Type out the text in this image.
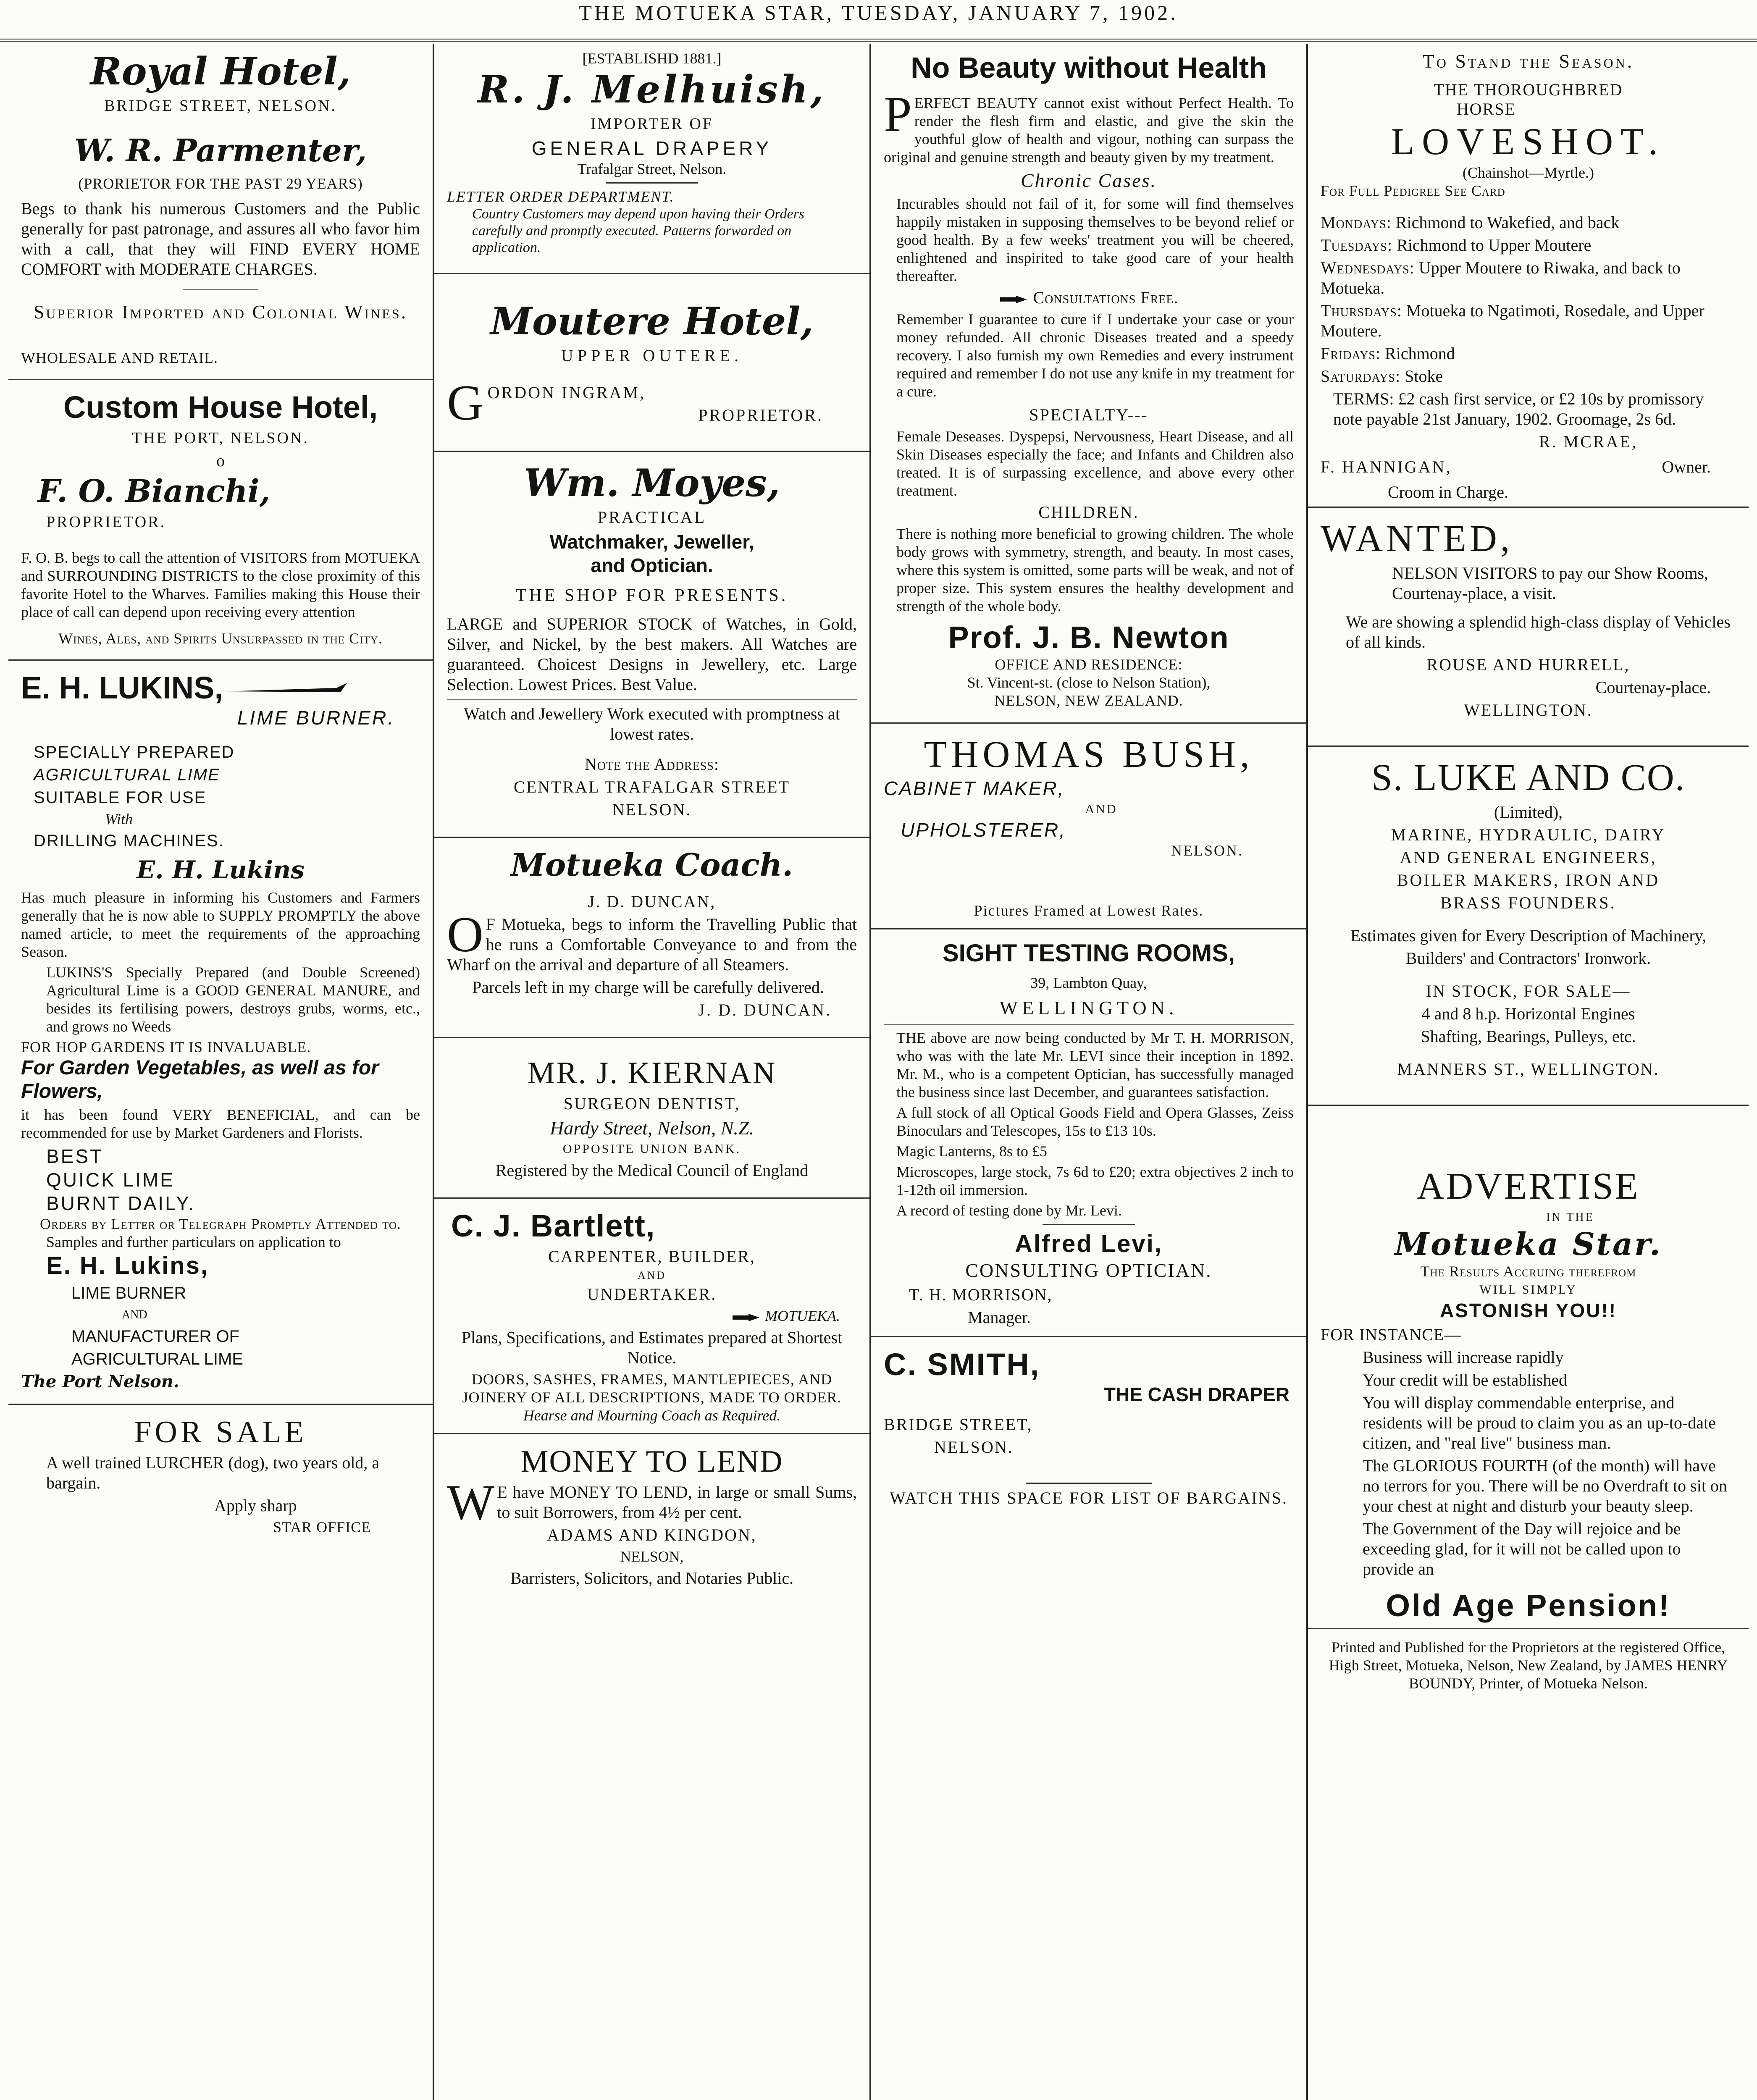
THE MOTUEKA STAR, TUESDAY, JANUARY 7, 1902.
Royal Hotel,
BRIDGE STREET, NELSON.
W. R. Parmenter,
(PRORIETOR FOR THE PAST 29 YEARS)
Begs to thank his numerous Customers and the Public generally for past patronage, and assures all who favor him with a call, that they will FIND EVERY HOME COMFORT with MODERATE CHARGES.
Superior Imported and Colonial Wines.
WHOLESALE AND RETAIL.
Custom House Hotel,
THE PORT, NELSON.
o
F. O. Bianchi,
PROPRIETOR.
F. O. B. begs to call the attention of VISITORS from MOTUEKA and SURROUNDING DISTRICTS to the close proximity of this favorite Hotel to the Wharves. Families making this House their place of call can depend upon receiving every attention
Wines, Ales, and Spirits Unsurpassed in the City.
E. H. LUKINS,
LIME BURNER.
SPECIALLY PREPARED
AGRICULTURAL LIME
SUITABLE FOR USE
With
DRILLING MACHINES.
E. H. Lukins
Has much pleasure in informing his Customers and Farmers generally that he is now able to SUPPLY PROMPTLY the above named article, to meet the requirements of the approaching Season.
LUKINS'S Specially Prepared (and Double Screened) Agricultural Lime is a GOOD GENERAL MANURE, and besides its fertilising powers, destroys grubs, worms, etc., and grows no Weeds
FOR HOP GARDENS IT IS INVALUABLE.
For Garden Vegetables, as well as for Flowers,
it has been found VERY BENEFICIAL, and can be recommended for use by Market Gardeners and Florists.
BEST
QUICK LIME
BURNT DAILY.
Orders by Letter or Telegraph Promptly Attended to.
Samples and further particulars on application to
E. H. Lukins,
LIME BURNER
AND
MANUFACTURER OF
AGRICULTURAL LIME
The Port Nelson.
FOR SALE
A well trained LURCHER (dog), two years old, a bargain.
Apply sharp
STAR OFFICE
[ESTABLISHD 1881.]
R. J. Melhuish,
IMPORTER OF
GENERAL DRAPERY
Trafalgar Street, Nelson.
LETTER ORDER DEPARTMENT.
Country Customers may depend upon having their Orders carefully and promptly executed. Patterns forwarded on application.
Moutere Hotel,
UPPER OUTERE.
GORDON INGRAM,
PROPRIETOR.
Wm. Moyes,
PRACTICAL
Watchmaker, Jeweller,
and Optician.
THE SHOP FOR PRESENTS.
LARGE and SUPERIOR STOCK of Watches, in Gold, Silver, and Nickel, by the best makers. All Watches are guaranteed. Choicest Designs in Jewellery, etc. Large Selection. Lowest Prices. Best Value.
Watch and Jewellery Work executed with promptness at lowest rates.
Note the Address:
CENTRAL TRAFALGAR STREET
NELSON.
Motueka Coach.
J. D. DUNCAN,
OF Motueka, begs to inform the Travelling Public that he runs a Comfortable Conveyance to and from the Wharf on the arrival and departure of all Steamers.
Parcels left in my charge will be carefully delivered.
J. D. DUNCAN.
MR. J. KIERNAN
SURGEON DENTIST,
Hardy Street, Nelson, N.Z.
OPPOSITE UNION BANK.
Registered by the Medical Council of England
C. J. Bartlett,
CARPENTER, BUILDER,
AND
UNDERTAKER.
MOTUEKA.
Plans, Specifications, and Estimates prepared at Shortest Notice.
DOORS, SASHES, FRAMES, MANTLEPIECES, AND JOINERY OF ALL DESCRIPTIONS, MADE TO ORDER.
Hearse and Mourning Coach as Required.
MONEY TO LEND
WE have MONEY TO LEND, in large or small Sums, to suit Borrowers, from 4½ per cent.
ADAMS AND KINGDON,
NELSON,
Barristers, Solicitors, and Notaries Public.
No Beauty without Health
PERFECT BEAUTY cannot exist without Perfect Health. To render the flesh firm and elastic, and give the skin the youthful glow of health and vigour, nothing can surpass the original and genuine strength and beauty given by my treatment.
Chronic Cases.
Incurables should not fail of it, for some will find themselves happily mistaken in supposing themselves to be beyond relief or good health. By a few weeks' treatment you will be cheered, enlightened and inspirited to take good care of your health thereafter.
Consultations Free.
Remember I guarantee to cure if I undertake your case or your money refunded. All chronic Diseases treated and a speedy recovery. I also furnish my own Remedies and every instrument required and remember I do not use any knife in my treatment for a cure.
SPECIALTY---
Female Deseases. Dyspepsi, Nervousness, Heart Disease, and all Skin Diseases especially the face; and Infants and Children also treated. It is of surpassing excellence, and above every other treatment.
CHILDREN.
There is nothing more beneficial to growing children. The whole body grows with symmetry, strength, and beauty. In most cases, where this system is omitted, some parts will be weak, and not of proper size. This system ensures the healthy development and strength of the whole body.
Prof. J. B. Newton
OFFICE AND RESIDENCE:
St. Vincent-st. (close to Nelson Station),
NELSON, NEW ZEALAND.
THOMAS BUSH,
CABINET MAKER,
AND
UPHOLSTERER,
NELSON.
Pictures Framed at Lowest Rates.
SIGHT TESTING ROOMS,
39, Lambton Quay,
WELLINGTON.
THE above are now being conducted by Mr T. H. MORRISON, who was with the late Mr. LEVI since their inception in 1892. Mr. M., who is a competent Optician, has successfully managed the business since last December, and guarantees satisfaction.
A full stock of all Optical Goods Field and Opera Glasses, Zeiss Binoculars and Telescopes, 15s to £13 10s.
Magic Lanterns, 8s to £5
Microscopes, large stock, 7s 6d to £20; extra objectives 2 inch to 1-12th oil immersion.
A record of testing done by Mr. Levi.
Alfred Levi,
CONSULTING OPTICIAN.
T. H. MORRISON,
Manager.
C. SMITH,
THE CASH DRAPER
BRIDGE STREET,
NELSON.
WATCH THIS SPACE FOR LIST OF BARGAINS.
To Stand the Season.
THE THOROUGHBRED
HORSE
LOVESHOT.
(Chainshot—Myrtle.)
For Full Pedigree See Card
Mondays: Richmond to Wakefied, and back
Tuesdays: Richmond to Upper Moutere
Wednesdays: Upper Moutere to Riwaka, and back to Motueka.
Thursdays: Motueka to Ngatimoti, Rosedale, and Upper Moutere.
Fridays: Richmond
Saturdays: Stoke
TERMS: £2 cash first service, or £2 10s by promissory note payable 21st January, 1902. Groomage, 2s 6d.
R. MCRAE,
F. HANNIGAN,	Owner.
Croom in Charge.
WANTED,
NELSON VISITORS to pay our Show Rooms, Courtenay-place, a visit.
We are showing a splendid high-class display of Vehicles of all kinds.
ROUSE AND HURRELL,
Courtenay-place.
WELLINGTON.
S. LUKE AND CO.
(Limited),
MARINE, HYDRAULIC, DAIRY
AND GENERAL ENGINEERS,
BOILER MAKERS, IRON AND
BRASS FOUNDERS.
Estimates given for Every Description of Machinery,
Builders' and Contractors' Ironwork.
IN STOCK, FOR SALE—
4 and 8 h.p. Horizontal Engines
Shafting, Bearings, Pulleys, etc.
MANNERS ST., WELLINGTON.
ADVERTISE
IN THE
Motueka Star.
The Results Accruing therefrom
WILL SIMPLY
ASTONISH YOU!!
FOR INSTANCE—
Business will increase rapidly
Your credit will be established
You will display commendable enterprise, and residents will be proud to claim you as an up-to-date citizen, and "real live" business man.
The GLORIOUS FOURTH (of the month) will have no terrors for you. There will be no Overdraft to sit on your chest at night and disturb your beauty sleep.
The Government of the Day will rejoice and be exceeding glad, for it will not be called upon to provide an
Old Age Pension!
Printed and Published for the Proprietors at the registered Office, High Street, Motueka, Nelson, New Zealand, by JAMES HENRY BOUNDY, Printer, of Motueka Nelson.
